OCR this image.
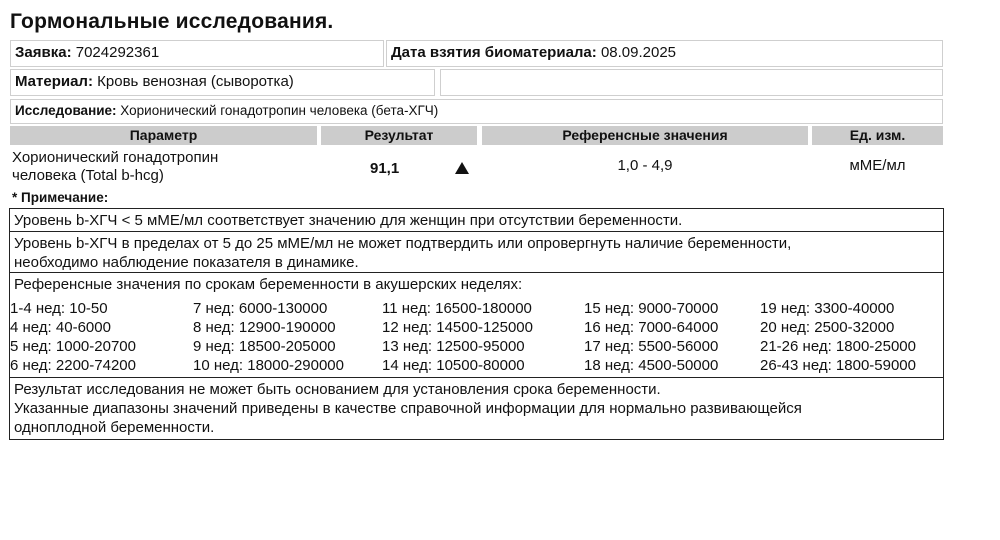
Гормональные исследования.
Заявка: 7024292361	Дата взятия биоматериала: 08.09.2025
Материал: Кровь венозная (сыворотка)
Исследование: Хорионический гонадотропин человека (бета-ХГЧ)
Параметр	Результат	Референсные значения	Ед. изм.
Хорионический гонадотропин
человека (Total b-hcg)	91,1	1,0 - 4,9	мМЕ/мл
* Примечание:
Уровень b-ХГЧ < 5 мМЕ/мл соответствует значению для женщин при отсутствии беременности.
Уровень b-ХГЧ в пределах от 5 до 25 мМЕ/мл не может подтвердить или опровергнуть наличие беременности,
необходимо наблюдение показателя в динамике.
Референсные значения по срокам беременности в акушерских неделях:
1-4 нед: 10-50	7 нед: 6000-130000	11 нед: 16500-180000	15 нед: 9000-70000	19 нед: 3300-40000
4 нед: 40-6000	8 нед: 12900-190000	12 нед: 14500-125000	16 нед: 7000-64000	20 нед: 2500-32000
5 нед: 1000-20700	9 нед: 18500-205000	13 нед: 12500-95000	17 нед: 5500-56000	21-26 нед: 1800-25000
6 нед: 2200-74200	10 нед: 18000-290000	14 нед: 10500-80000	18 нед: 4500-50000	26-43 нед: 1800-59000
Результат исследования не может быть основанием для установления срока беременности.
Указанные диапазоны значений приведены в качестве справочной информации для нормально развивающейся
одноплодной беременности.
